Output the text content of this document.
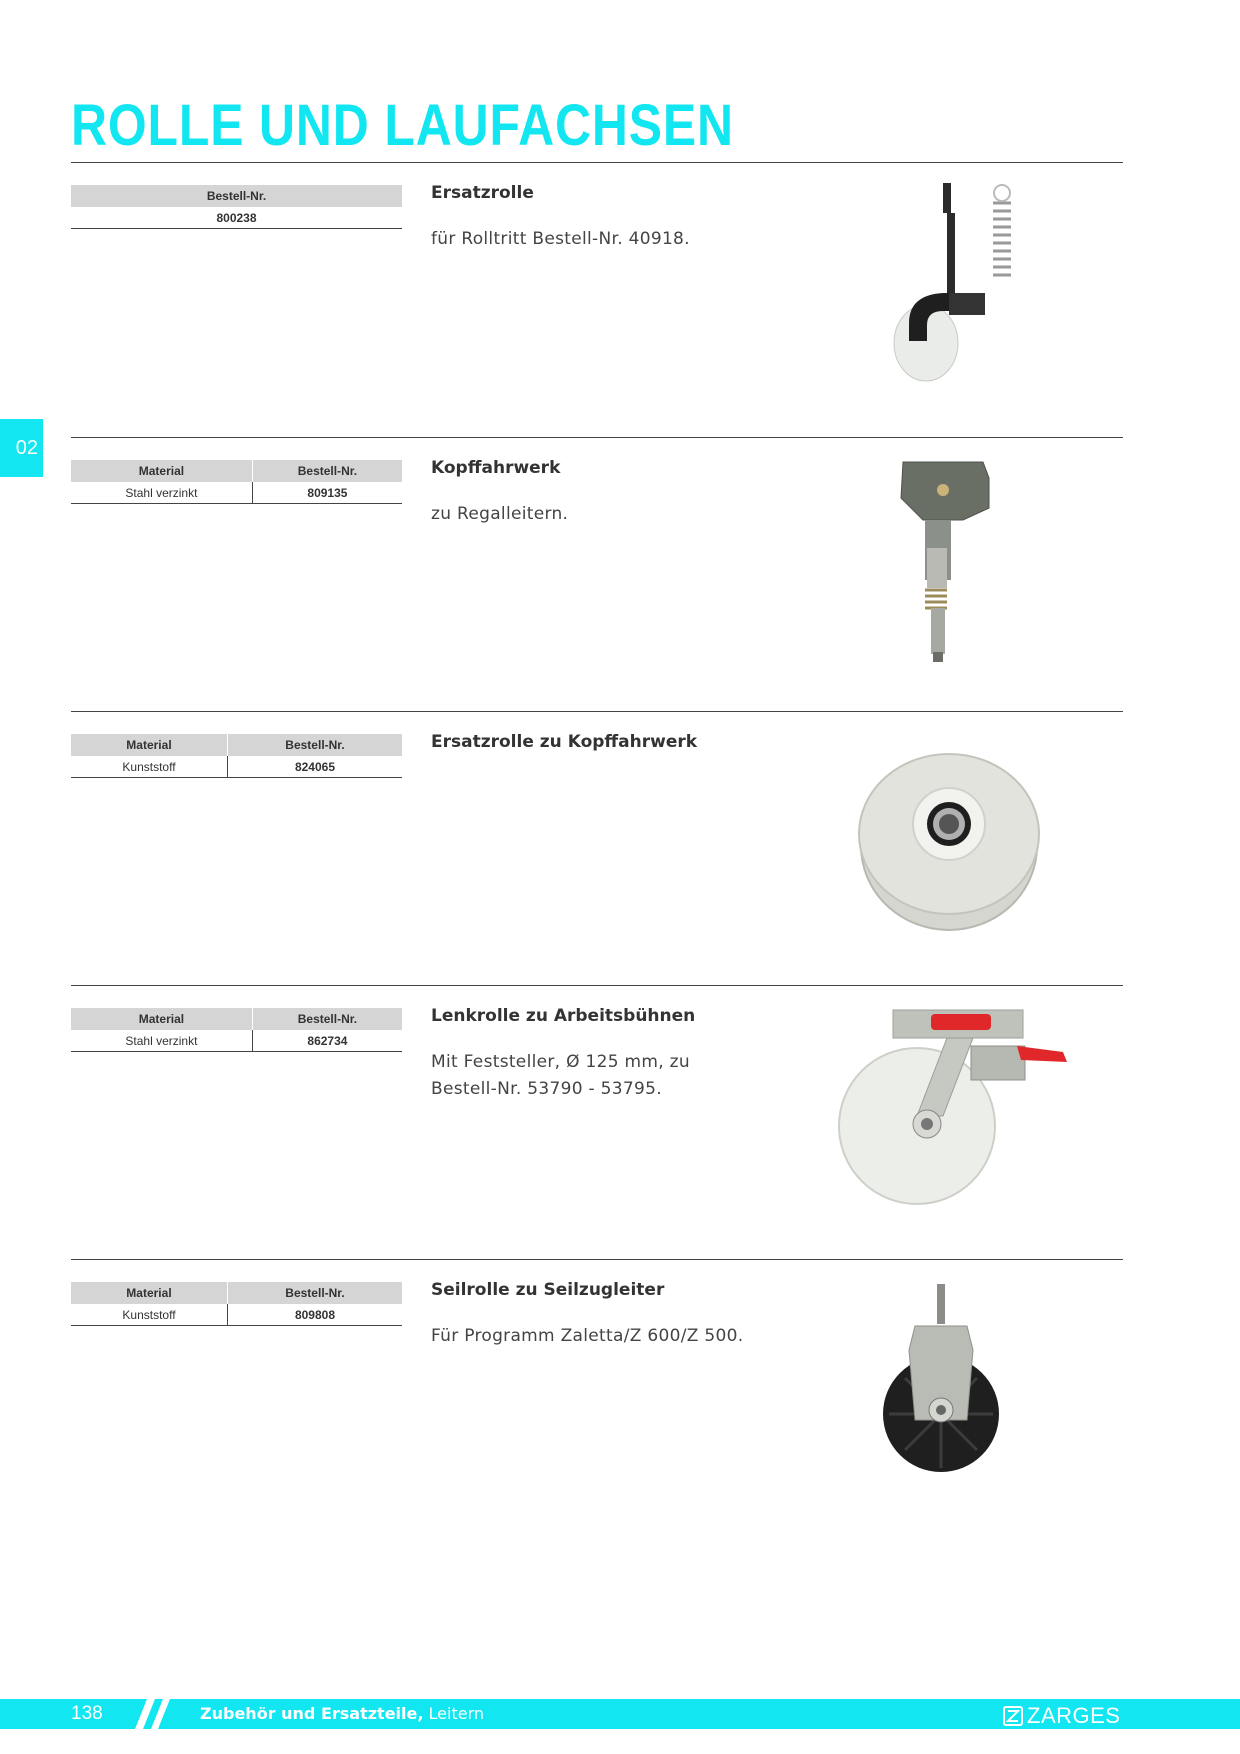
ROLLE UND LAUFACHSEN
02
Bestell-Nr.
800238
Ersatzrolle
für Rolltritt Bestell-Nr. 40918.
Material	Bestell-Nr.
Stahl verzinkt	809135
Kopffahrwerk
zu Regalleitern.
Material	Bestell-Nr.
Kunststoff	824065
Ersatzrolle zu Kopffahrwerk
Material	Bestell-Nr.
Stahl verzinkt	862734
Lenkrolle zu Arbeitsbühnen
Mit Feststeller, Ø 125 mm, zu Bestell-Nr. 53790 - 53795.
Material	Bestell-Nr.
Kunststoff	809808
Seilrolle zu Seilzugleiter
Für Programm Zaletta/Z 600/Z 500.
138	Zubehör und Ersatzteile, Leitern	ZARGES
